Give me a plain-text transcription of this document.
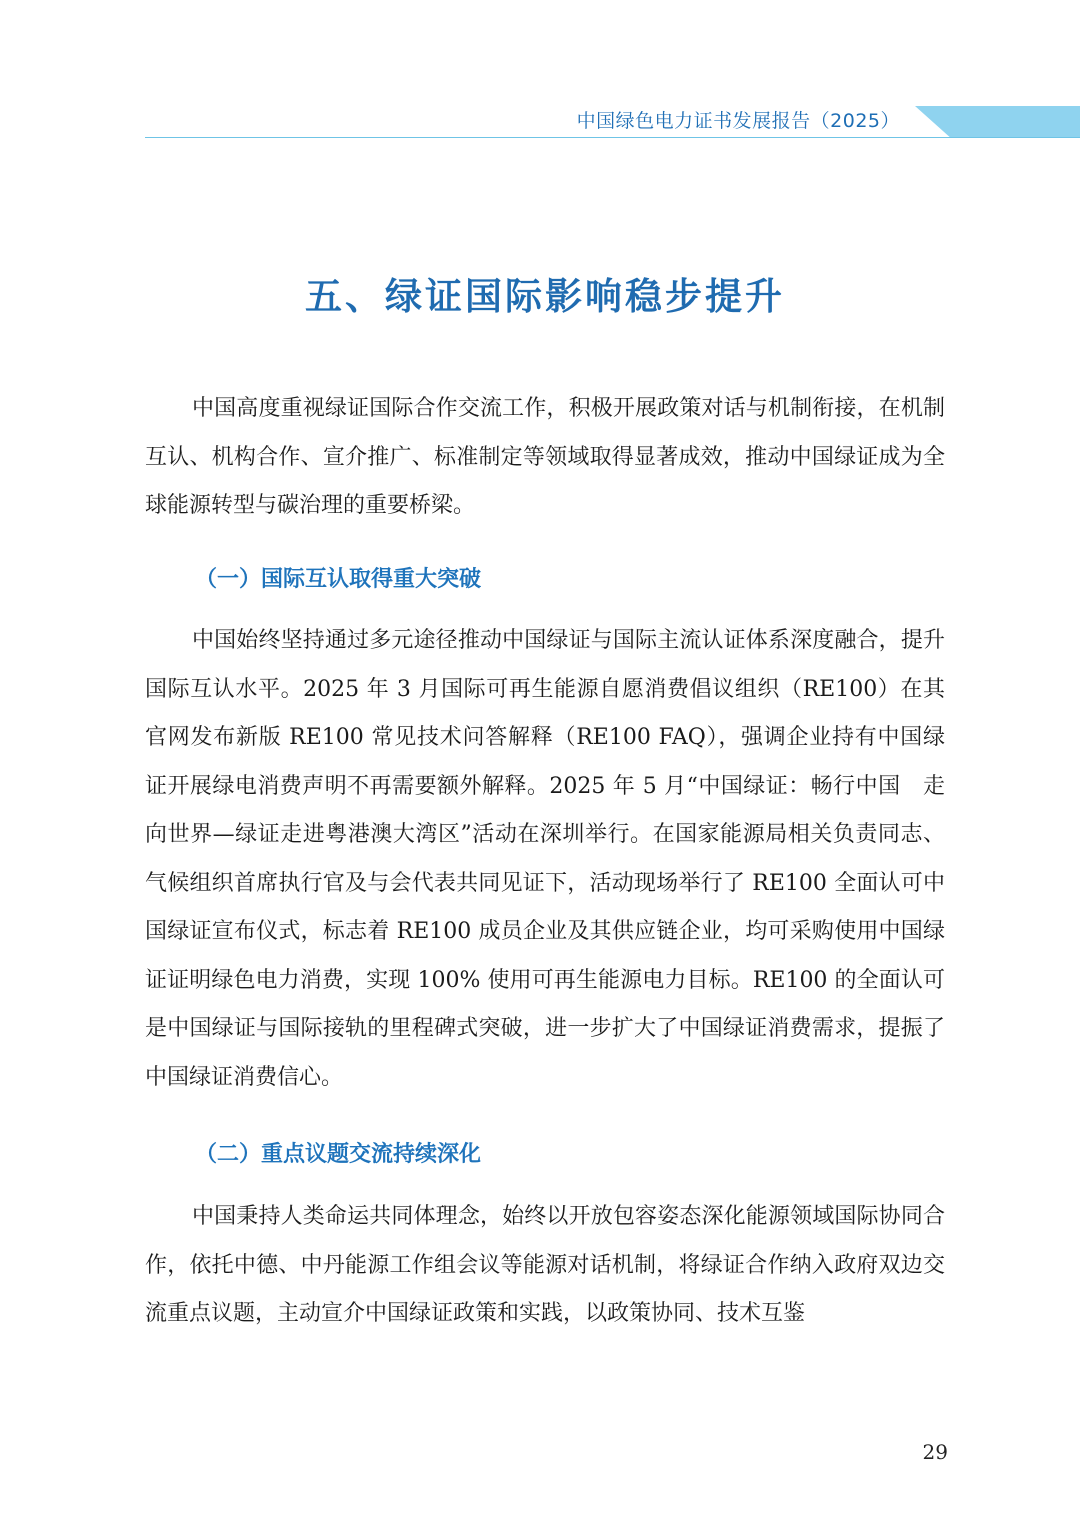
中国绿色电力证书发展报告（2025）
五、绿证国际影响稳步提升

中国高度重视绿证国际合作交流工作，积极开展政策对话与机制衔接，在机制互认、机构合作、宣介推广、标准制定等领域取得显著成效，推动中国绿证成为全球能源转型与碳治理的重要桥梁。

（一）国际互认取得重大突破

中国始终坚持通过多元途径推动中国绿证与国际主流认证体系深度融合，提升国际互认水平。2025 年 3 月国际可再生能源自愿消费倡议组织（RE100）在其官网发布新版 RE100 常见技术问答解释（RE100 FAQ），强调企业持有中国绿证开展绿电消费声明不再需要额外解释。2025 年 5 月“中国绿证：畅行中国　走向世界—绿证走进粤港澳大湾区”活动在深圳举行。在国家能源局相关负责同志、气候组织首席执行官及与会代表共同见证下，活动现场举行了 RE100 全面认可中国绿证宣布仪式，标志着 RE100 成员企业及其供应链企业，均可采购使用中国绿证证明绿色电力消费，实现 100% 使用可再生能源电力目标。RE100 的全面认可是中国绿证与国际接轨的里程碑式突破，进一步扩大了中国绿证消费需求，提振了中国绿证消费信心。

（二）重点议题交流持续深化

中国秉持人类命运共同体理念，始终以开放包容姿态深化能源领域国际协同合作，依托中德、中丹能源工作组会议等能源对话机制，将绿证合作纳入政府双边交流重点议题，主动宣介中国绿证政策和实践，以政策协同、技术互鉴

29
